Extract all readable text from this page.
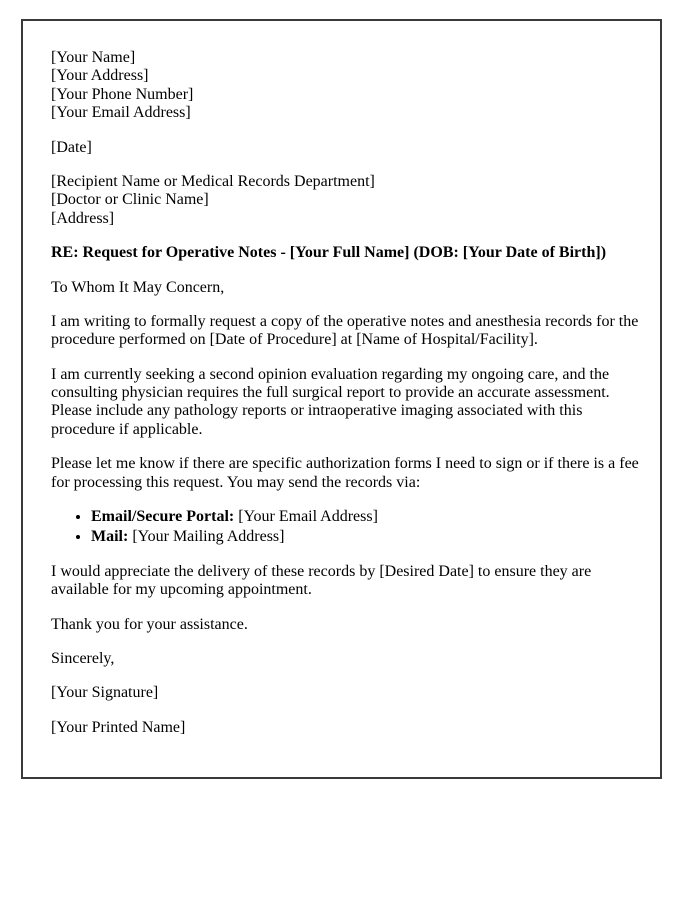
[Your Name]
[Your Address]
[Your Phone Number]
[Your Email Address]

[Date]

[Recipient Name or Medical Records Department]
[Doctor or Clinic Name]
[Address]

RE: Request for Operative Notes - [Your Full Name] (DOB: [Your Date of Birth])

To Whom It May Concern,

I am writing to formally request a copy of the operative notes and anesthesia records for the procedure performed on [Date of Procedure] at [Name of Hospital/Facility].

I am currently seeking a second opinion evaluation regarding my ongoing care, and the consulting physician requires the full surgical report to provide an accurate assessment. Please include any pathology reports or intraoperative imaging associated with this procedure if applicable.

Please let me know if there are specific authorization forms I need to sign or if there is a fee for processing this request. You may send the records via:

• Email/Secure Portal: [Your Email Address]
• Mail: [Your Mailing Address]

I would appreciate the delivery of these records by [Desired Date] to ensure they are available for my upcoming appointment.

Thank you for your assistance.

Sincerely,

[Your Signature]

[Your Printed Name]
